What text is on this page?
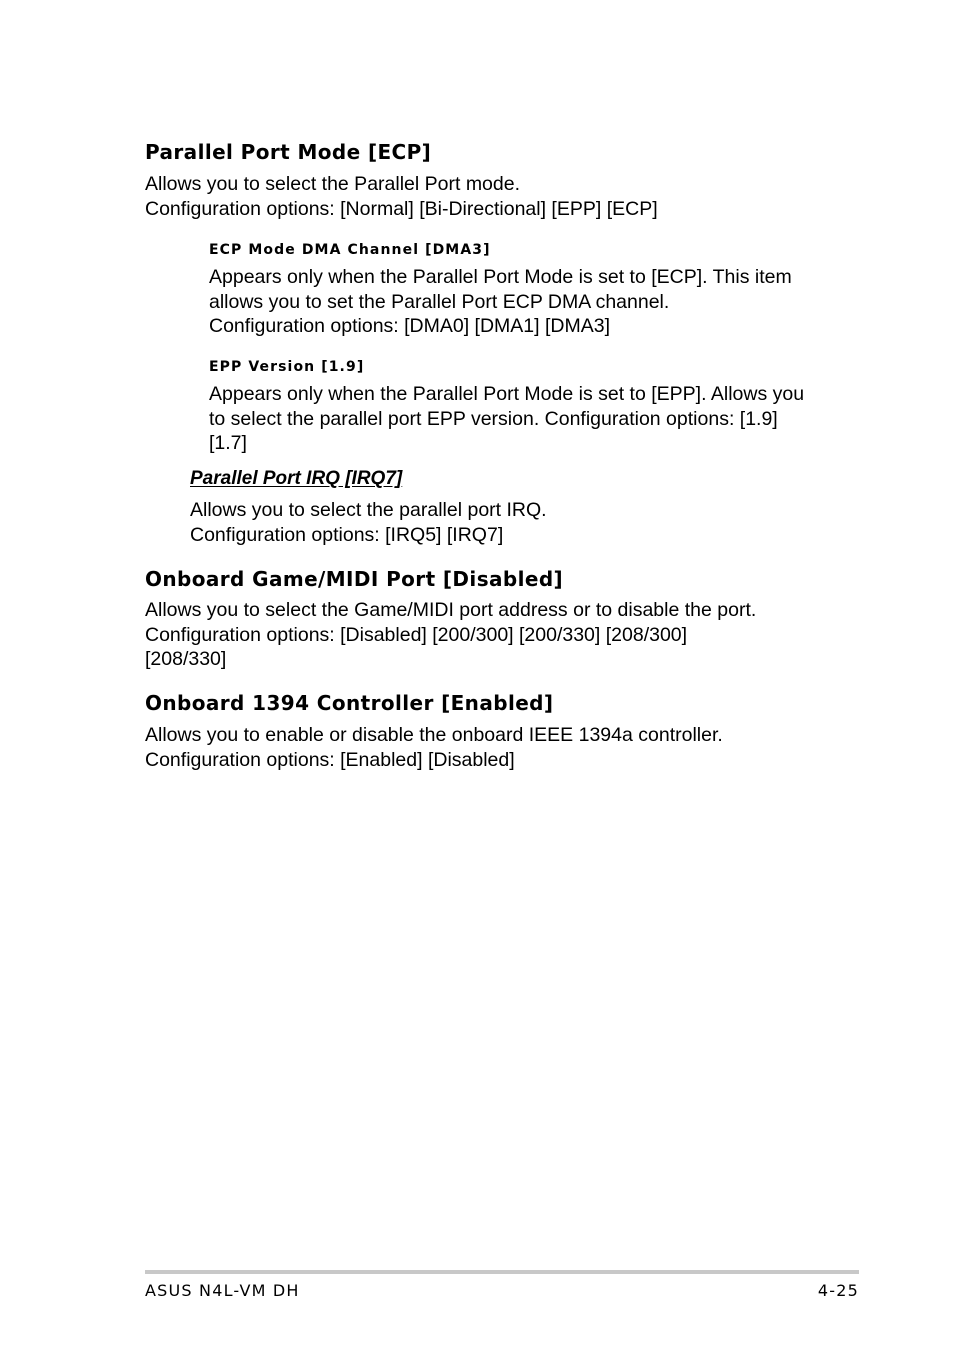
Parallel Port Mode [ECP]
Allows you to select the Parallel Port mode.
Configuration options: [Normal] [Bi-Directional] [EPP] [ECP]
ECP Mode DMA Channel [DMA3]
Appears only when the Parallel Port Mode is set to [ECP]. This item
allows you to set the Parallel Port ECP DMA channel.
Configuration options: [DMA0] [DMA1] [DMA3]
EPP Version [1.9]
Appears only when the Parallel Port Mode is set to [EPP]. Allows you
to select the parallel port EPP version. Configuration options: [1.9]
[1.7]
Parallel Port IRQ [IRQ7]
Allows you to select the parallel port IRQ.
Configuration options: [IRQ5] [IRQ7]
Onboard Game/MIDI Port [Disabled]
Allows you to select the Game/MIDI port address or to disable the port.
Configuration options: [Disabled] [200/300] [200/330] [208/300]
[208/330]
Onboard 1394 Controller [Enabled]
Allows you to enable or disable the onboard IEEE 1394a controller.
Configuration options: [Enabled] [Disabled]
ASUS N4L-VM DH	4-25
